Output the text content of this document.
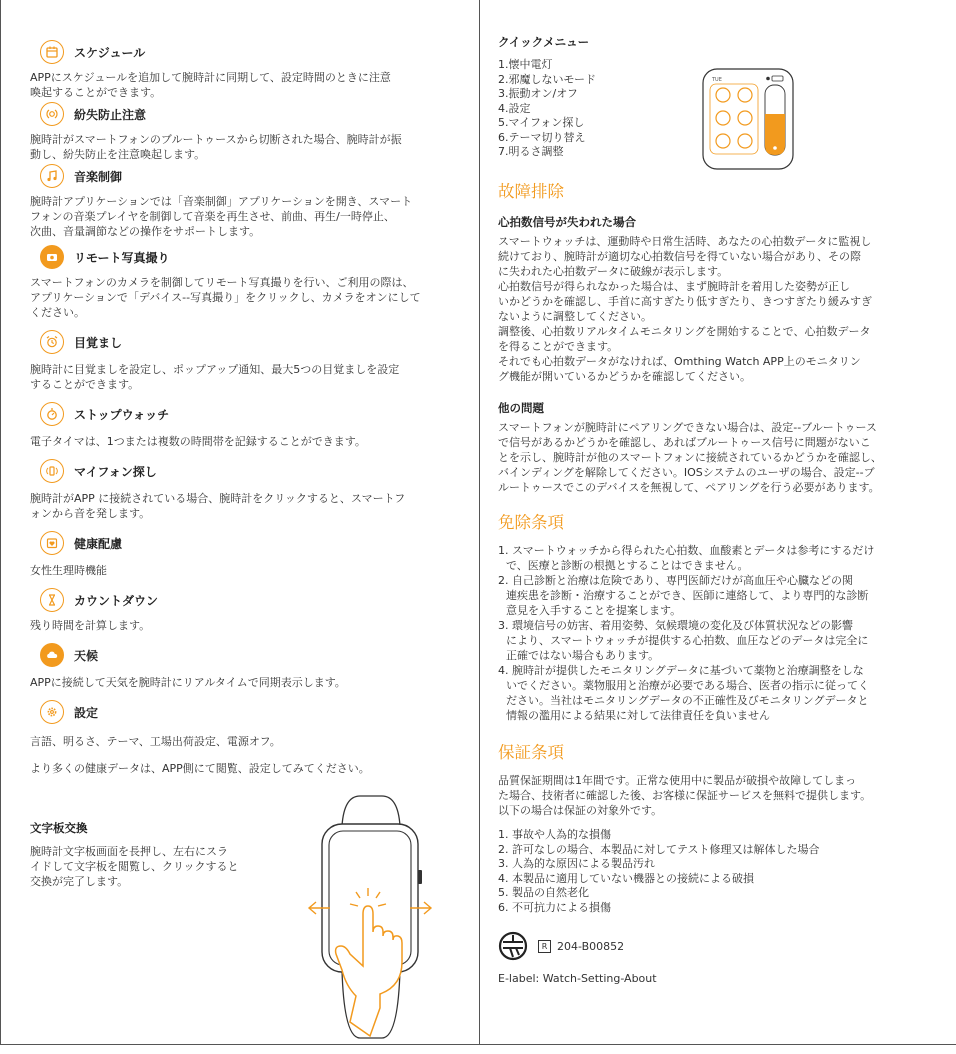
スケジュール

APPにスケジュールを追加して腕時計に同期して、設定時間のときに注意
喚起することができます。

紛失防止注意

腕時計がスマートフォンのブルートゥースから切断された場合、腕時計が振
動し、紛失防止を注意喚起します。

音楽制御

腕時計アプリケーションでは「音楽制御」アプリケーションを開き、スマート
フォンの音楽プレイヤを制御して音楽を再生させ、前曲、再生/一時停止、
次曲、音量調節などの操作をサポートします。

リモート写真撮り

スマートフォンのカメラを制御してリモート写真撮りを行い、ご利用の際は、
アプリケーションで「デバイス--写真撮り」をクリックし、カメラをオンにして
ください。

目覚まし

腕時計に目覚ましを設定し、ポップアップ通知、最大5つの目覚ましを設定
することができます。

ストップウォッチ

電子タイマは、1つまたは複数の時間帯を記録することができます。

マイフォン探し

腕時計がAPP に接続されている場合、腕時計をクリックすると、スマートフ
ォンから音を発します。

健康配慮

女性生理時機能

カウントダウン

残り時間を計算します。

天候

APPに接続して天気を腕時計にリアルタイムで同期表示します。

設定

言語、明るさ、テーマ、工場出荷設定、電源オフ。

より多くの健康データは、APP側にて閲覧、設定してみてください。

文字板交換

腕時計文字板画面を長押し、左右にスラ
イドして文字板を閲覧し、クリックすると
交換が完了します。

クイックメニュー
1.懐中電灯
2.邪魔しないモード
3.振動オン/オフ
4.設定
5.マイフォン探し
6.テーマ切り替え
7.明るさ調整
TUE
故障排除
心拍数信号が失われた場合

スマートウォッチは、運動時や日常生活時、あなたの心拍数データに監視し
続けており、腕時計が適切な心拍数信号を得ていない場合があり、その際
に失われた心拍数データに破線が表示します。
心拍数信号が得られなかった場合は、まず腕時計を着用した姿勢が正し
いかどうかを確認し、手首に高すぎたり低すぎたり、きつすぎたり緩みすぎ
ないように調整してください。
調整後、心拍数リアルタイムモニタリングを開始することで、心拍数データ
を得ることができます。
それでも心拍数データがなければ、Omthing Watch APP上のモニタリン
グ機能が開いているかどうかを確認してください。

他の問題

スマートフォンが腕時計にペアリングできない場合は、設定--ブルートゥース
で信号があるかどうかを確認し、あればブルートゥース信号に問題がないこ
とを示し、腕時計が他のスマートフォンに接続されているかどうかを確認し、
バインディングを解除してください。IOSシステムのユーザの場合、設定--ブ
ルートゥースでこのデバイスを無視して、ペアリングを行う必要があります。

免除条項

1. スマートウォッチから得られた心拍数、血酸素とデータは参考にするだけ
で、医療と診断の根拠とすることはできません。

2. 自己診断と治療は危険であり、専門医師だけが高血圧や心臓などの関
連疾患を診断・治療することができ、医師に連絡して、より専門的な診断
意見を入手することを提案します。

3. 環境信号の妨害、着用姿勢、気候環境の変化及び体質状況などの影響
により、スマートウォッチが提供する心拍数、血圧などのデータは完全に
正確ではない場合もあります。

4. 腕時計が提供したモニタリングデータに基づいて薬物と治療調整をしな
いでください。薬物服用と治療が必要である場合、医者の指示に従ってく
ださい。当社はモニタリングデータの不正確性及びモニタリングデータと
情報の濫用による結果に対して法律責任を負いません

保証条項

品質保証期間は1年間です。正常な使用中に製品が破損や故障してしまっ
た場合、技術者に確認した後、お客様に保証サービスを無料で提供します。
以下の場合は保証の対象外です。

1. 事故や人為的な損傷
2. 許可なしの場合、本製品に対してテスト修理又は解体した場合
3. 人為的な原因による製品汚れ
4. 本製品に適用していない機器との接続による破損
5. 製品の自然老化
6. 不可抗力による損傷
R 204-B00852

E-label: Watch-Setting-About
